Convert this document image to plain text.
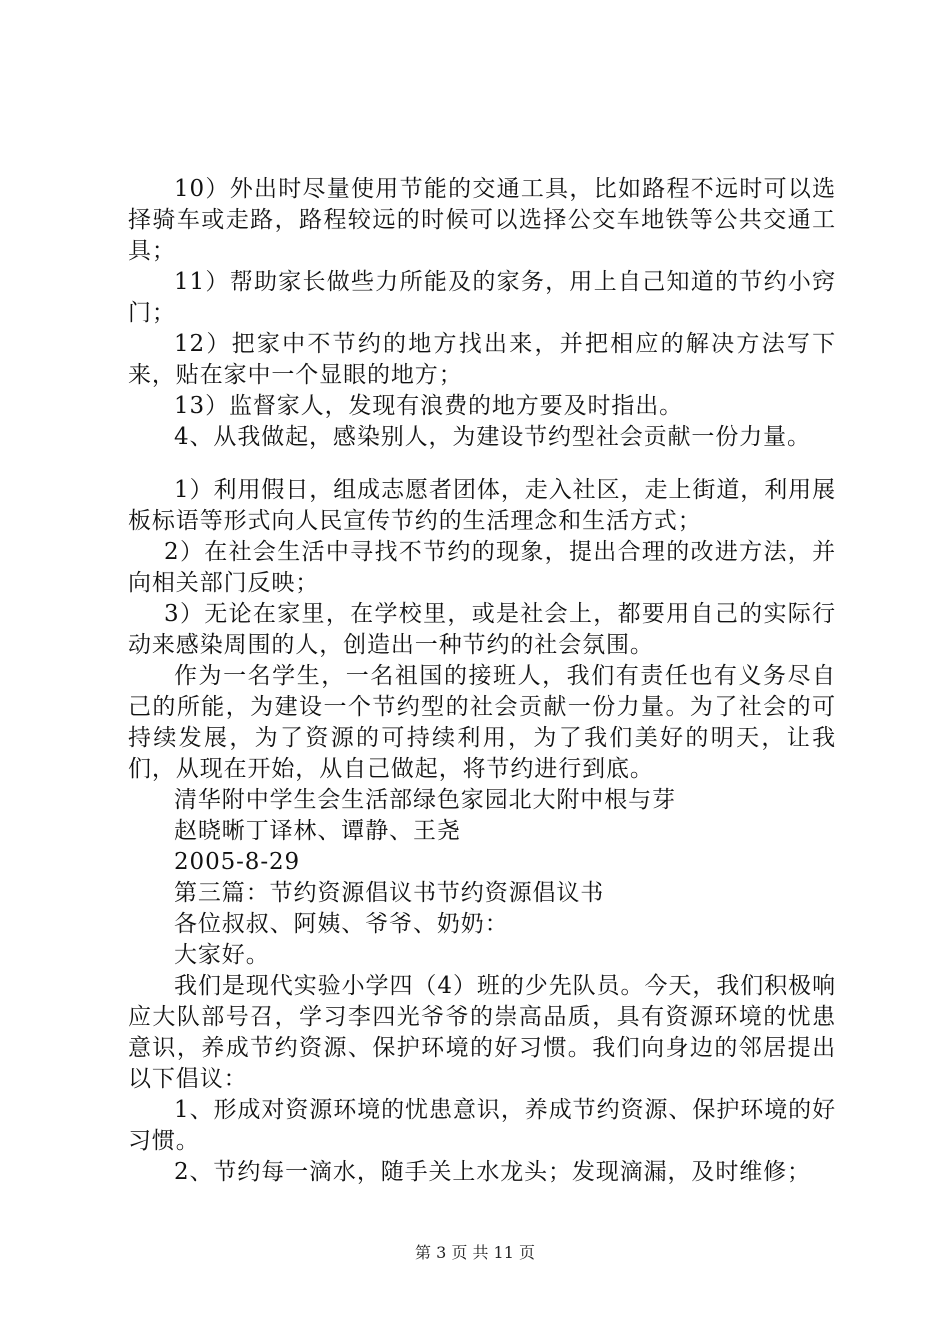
10）外出时尽量使用节能的交通工具，比如路程不远时可以选择骑车或走路，路程较远的时候可以选择公交车地铁等公共交通工具；

11）帮助家长做些力所能及的家务，用上自己知道的节约小窍门；

12）把家中不节约的地方找出来，并把相应的解决方法写下来，贴在家中一个显眼的地方；

13）监督家人，发现有浪费的地方要及时指出。

4、从我做起，感染别人，为建设节约型社会贡献一份力量。

1）利用假日，组成志愿者团体，走入社区，走上街道，利用展板标语等形式向人民宣传节约的生活理念和生活方式；

2）在社会生活中寻找不节约的现象，提出合理的改进方法，并向相关部门反映；

3）无论在家里，在学校里，或是社会上，都要用自己的实际行动来感染周围的人，创造出一种节约的社会氛围。

作为一名学生，一名祖国的接班人，我们有责任也有义务尽自己的所能，为建设一个节约型的社会贡献一份力量。为了社会的可持续发展，为了资源的可持续利用，为了我们美好的明天，让我们，从现在开始，从自己做起，将节约进行到底。

清华附中学生会生活部绿色家园北大附中根与芽

赵晓晰丁译林、谭静、王尧

2005-8-29

第三篇：节约资源倡议书节约资源倡议书

各位叔叔、阿姨、爷爷、奶奶：

大家好。

我们是现代实验小学四（4）班的少先队员。今天，我们积极响应大队部号召，学习李四光爷爷的崇高品质，具有资源环境的忧患意识，养成节约资源、保护环境的好习惯。我们向身边的邻居提出以下倡议：

1、形成对资源环境的忧患意识，养成节约资源、保护环境的好习惯。

2、节约每一滴水，随手关上水龙头；发现滴漏，及时维修；

第 3 页 共 11 页
